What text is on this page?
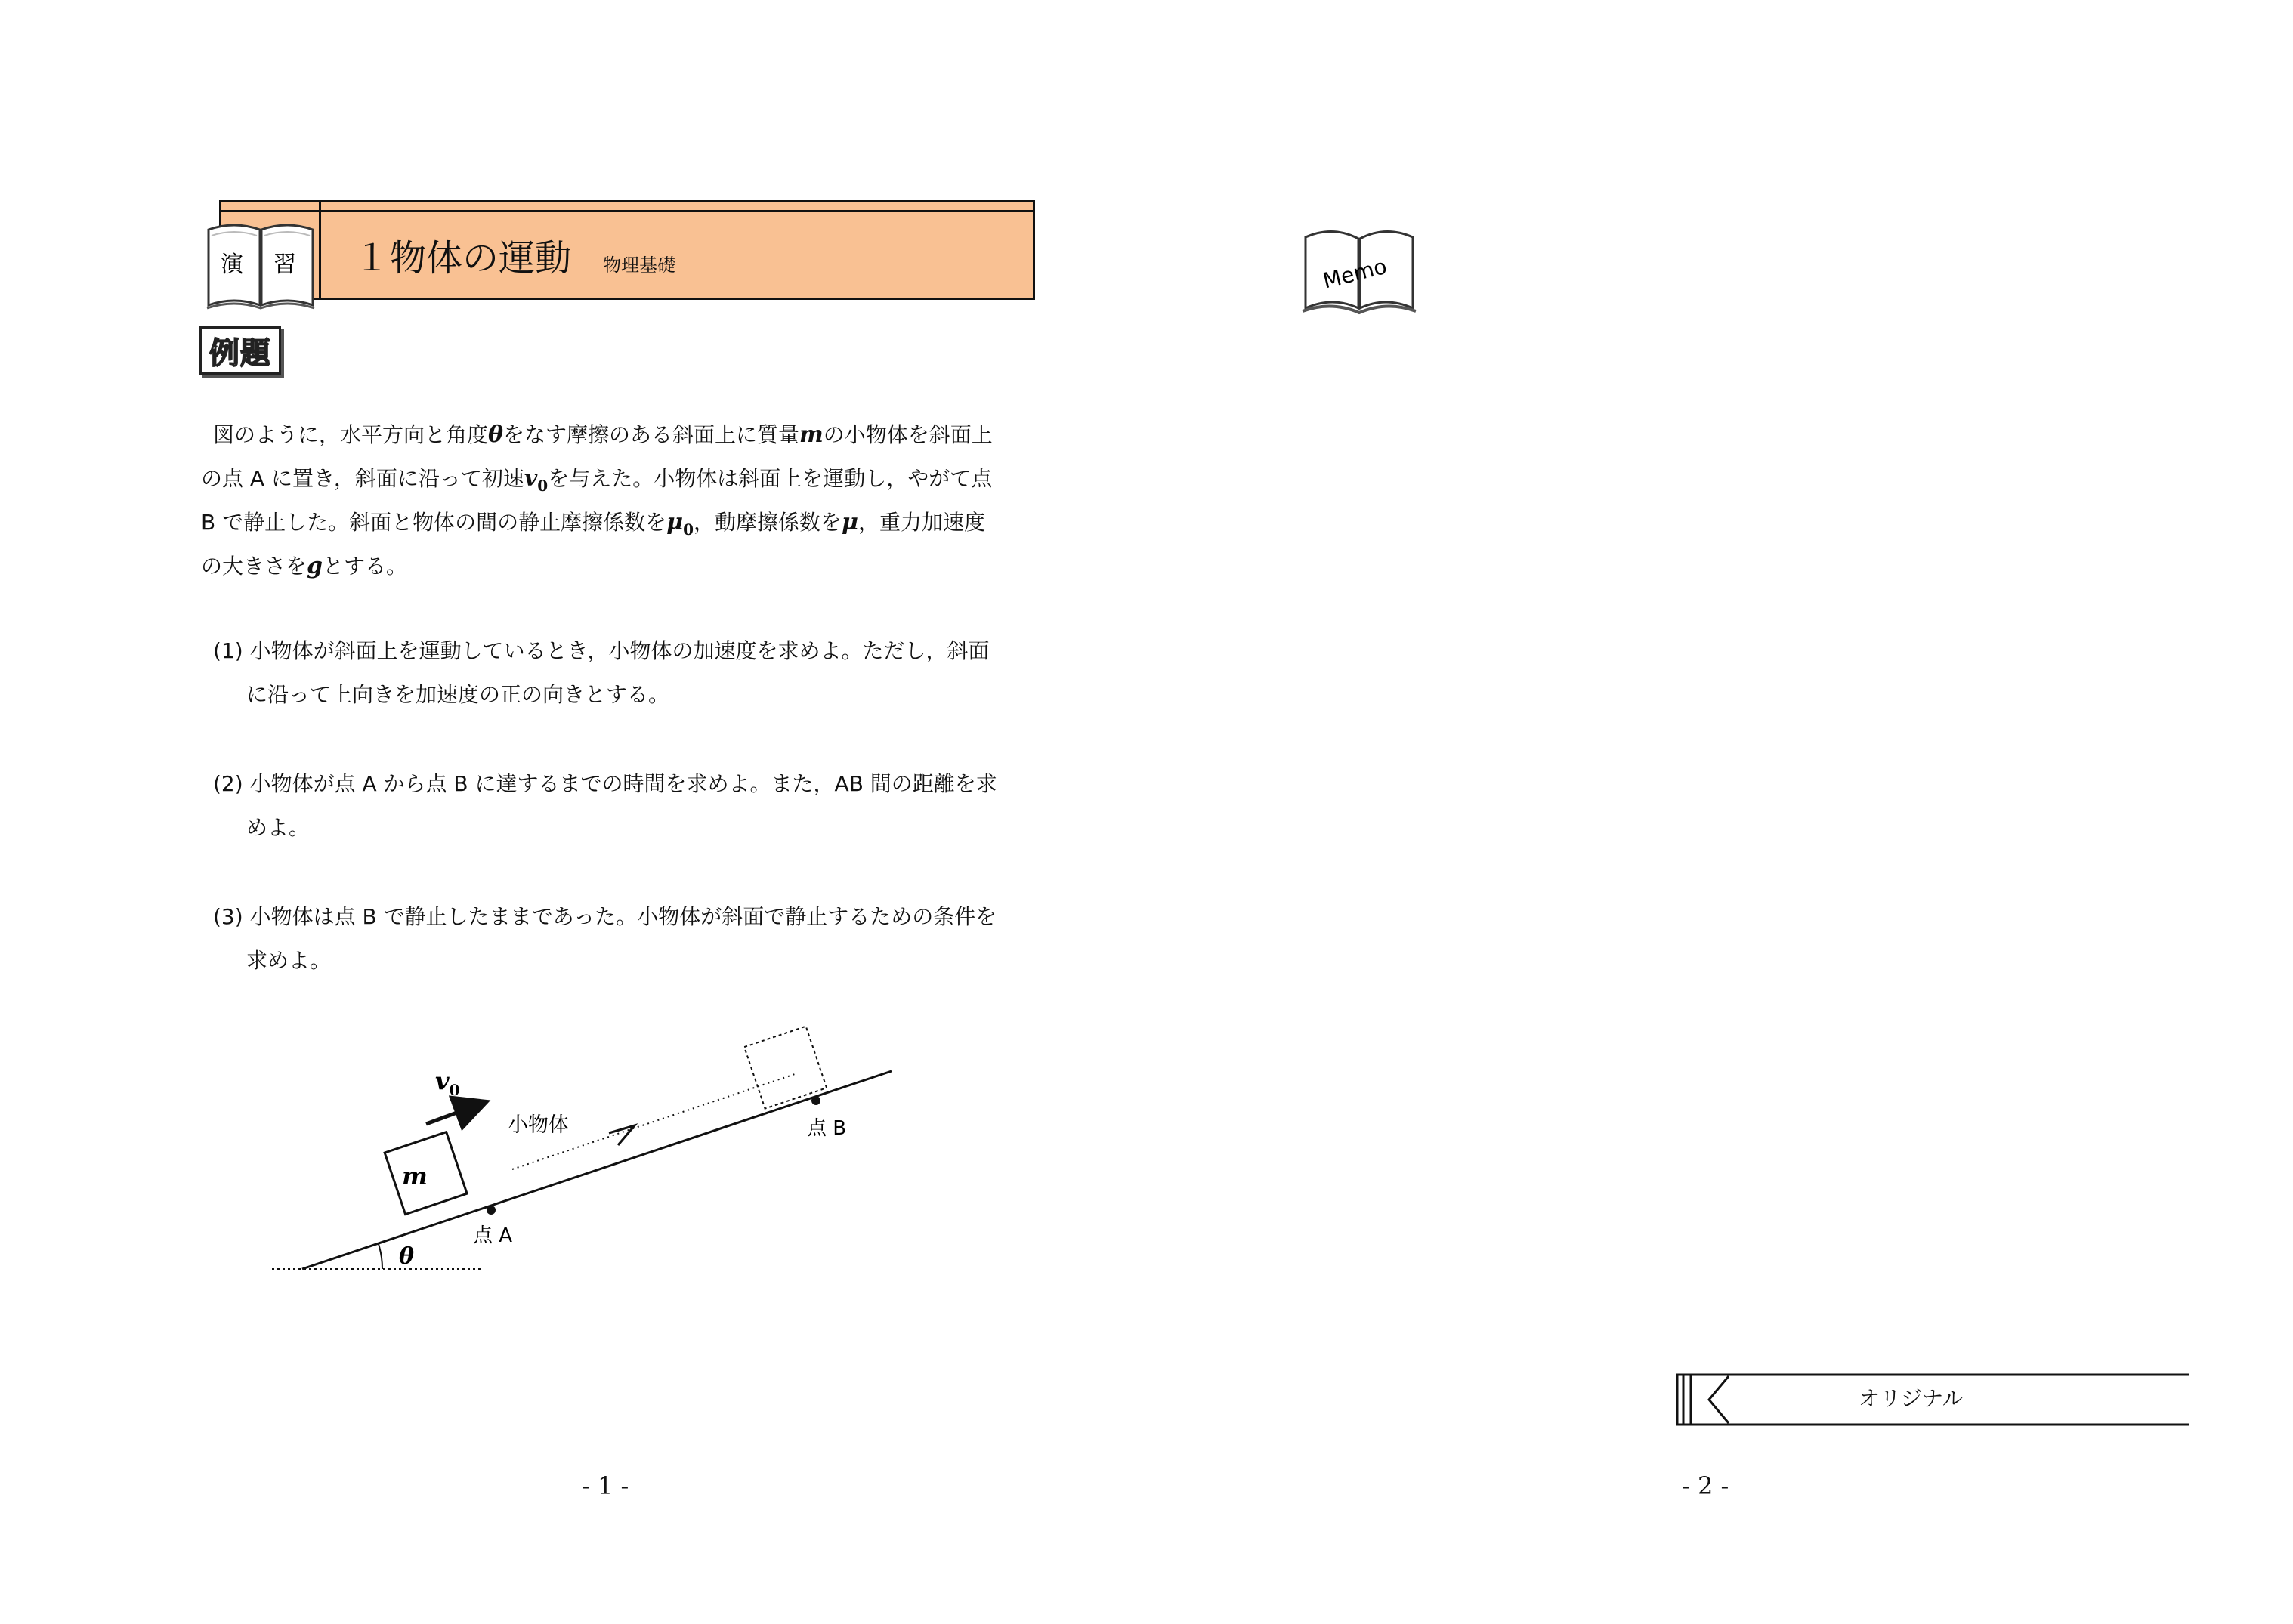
演 習 １物体の運動 物理基礎
例題
図のように，水平方向と角度θをなす摩擦のある斜面上に質量mの小物体を斜面上
の点 A に置き，斜面に沿って初速$v_0$を与えた。小物体は斜面上を運動し，やがて点
B で静止した。斜面と物体の間の静止摩擦係数を$\mu_0$，動摩擦係数をμ，重力加速度
の大きさをgとする。
(1) 小物体が斜面上を運動しているとき，小物体の加速度を求めよ。ただし，斜面
に沿って上向きを加速度の正の向きとする。
(2) 小物体が点 A から点 B に達するまでの時間を求めよ。また，AB 間の距離を求
めよ。
(3) 小物体は点 B で静止したままであった。小物体が斜面で静止するための条件を
求めよ。
θ
$v_0$
小物体
m
点 A
点 B
- 1 -
Memo
オリジナル
- 2 -
